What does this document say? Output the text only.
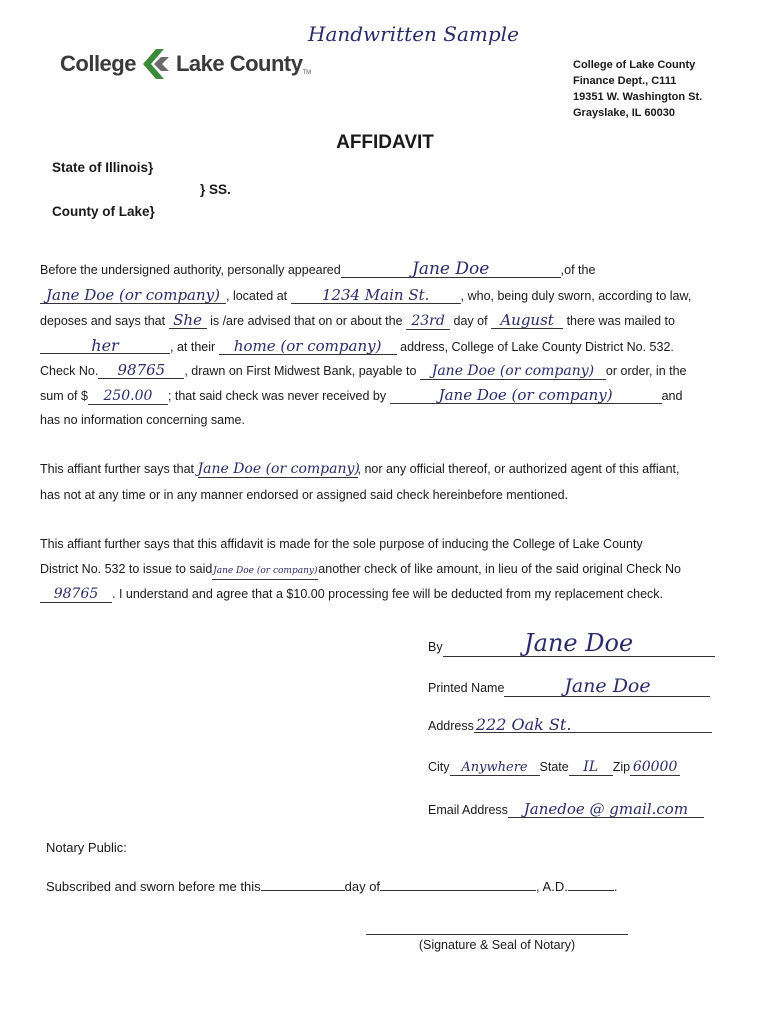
Handwritten Sample
College Lake County TM
College of Lake County
Finance Dept., C111
19351 W. Washington St.
Grayslake, IL 60030
AFFIDAVIT
State of Illinois}
} SS.
County of Lake}
Before the undersigned authority, personally appeared	Jane Doe	,of the
Jane Doe (or company) , located at 1234 Main St. , who, being duly sworn, according to law,
deposes and says that She is /are advised that on or about the 23rd day of August there was mailed to
her	, at their home (or company) address, College of Lake County District No. 532.
Check No. 98765 , drawn on First Midwest Bank, payable to Jane Doe (or company) or order, in the
sum of $ 250.00 ; that said check was never received by	Jane Doe (or company)	and
has no information concerning same.
This affiant further says that Jane Doe (or company), nor any official thereof, or authorized agent of this affiant,
has not at any time or in any manner endorsed or assigned said check hereinbefore mentioned.
This affiant further says that this affidavit is made for the sole purpose of inducing the College of Lake County
District No. 532 to issue to saidJane Doe (or company)another check of like amount, in lieu of the said original Check No
98765 . I understand and agree that a $10.00 processing fee will be deducted from my replacement check.
By	Jane Doe
Printed Name	Jane Doe
Address 222 Oak St.
City Anywhere State IL Zip 60000
Email Address Janedoe @ gmail.com
Notary Public:
Subscribed and sworn before me this	day of	, A.D.	.
(Signature & Seal of Notary)
